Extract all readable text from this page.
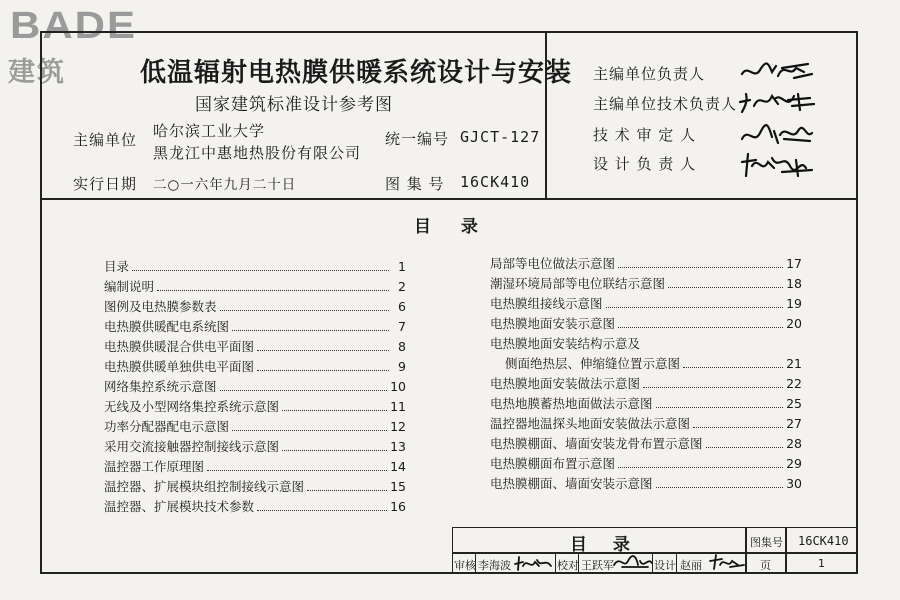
BADE
建筑	低温辐射电热膜供暖系统设计与安装
国家建筑标准设计参考图
主编单位 哈尔滨工业大学
黑龙江中惠地热股份有限公司
统一编号 GJCT-127
实行日期 二○一六年九月二十日	图 集 号 16CK410
主编单位负责人
主编单位技术负责人
技 术 审 定 人
设 计 负 责 人
目 录
目录	1
编制说明	2
图例及电热膜参数表	6
电热膜供暖配电系统图	7
电热膜供暖混合供电平面图	8
电热膜供暖单独供电平面图	9
网络集控系统示意图	10
无线及小型网络集控系统示意图	11
功率分配器配电示意图	12
采用交流接触器控制接线示意图	13
温控器工作原理图	14
温控器、扩展模块组控制接线示意图	15
温控器、扩展模块技术参数	16
局部等电位做法示意图	17
潮湿环境局部等电位联结示意图	18
电热膜组接线示意图	19
电热膜地面安装示意图	20
电热膜地面安装结构示意及
侧面绝热层、伸缩缝位置示意图	21
电热膜地面安装做法示意图	22
电热地膜蓄热地面做法示意图	25
温控器地温探头地面安装做法示意图	27
电热膜棚面、墙面安装龙骨布置示意图	28
电热膜棚面布置示意图	29
电热膜棚面、墙面安装示意图	30
目 录	图集号 16CK410
审核 李海波	校对 王跃军	设计 赵丽	页	1
